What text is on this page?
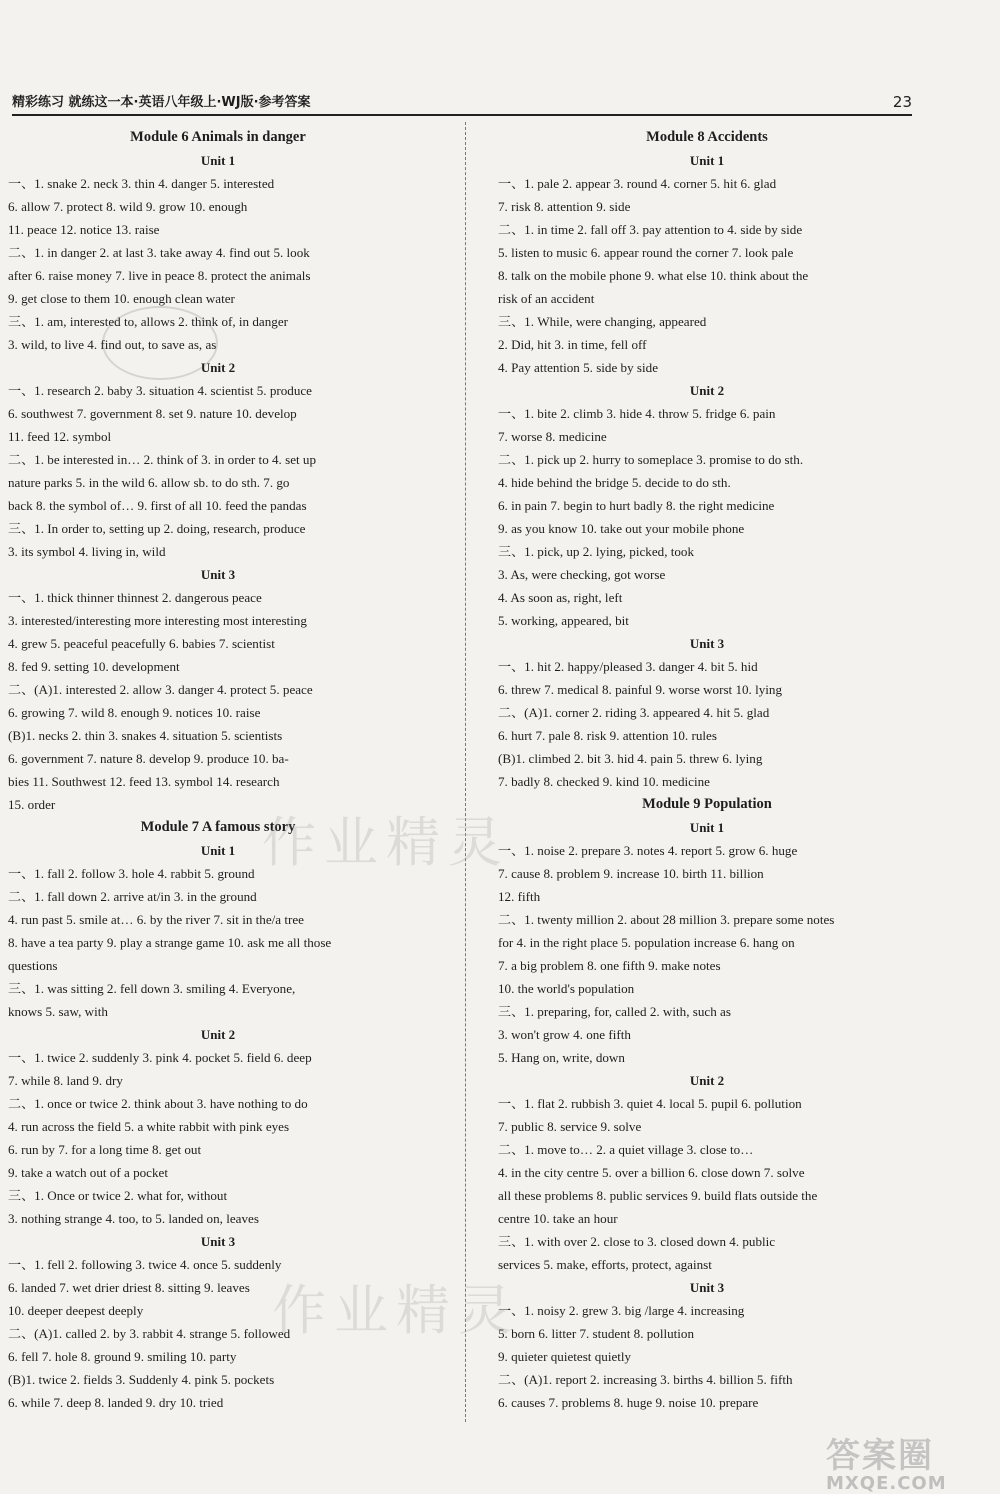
精彩练习 就练这一本·英语八年级上·WJ版·参考答案	23
Module 6 Animals in danger
Unit 1
一、1. snake 2. neck 3. thin 4. danger 5. interested
6. allow 7. protect 8. wild 9. grow 10. enough
11. peace 12. notice 13. raise
二、1. in danger 2. at last 3. take away 4. find out 5. look
after 6. raise money 7. live in peace 8. protect the animals
9. get close to them 10. enough clean water
三、1. am, interested to, allows 2. think of, in danger
3. wild, to live 4. find out, to save as, as
Unit 2
一、1. research 2. baby 3. situation 4. scientist 5. produce
6. southwest 7. government 8. set 9. nature 10. develop
11. feed 12. symbol
二、1. be interested in… 2. think of 3. in order to 4. set up
nature parks 5. in the wild 6. allow sb. to do sth. 7. go
back 8. the symbol of… 9. first of all 10. feed the pandas
三、1. In order to, setting up 2. doing, research, produce
3. its symbol 4. living in, wild
Unit 3
一、1. thick thinner thinnest 2. dangerous peace
3. interested/interesting more interesting most interesting
4. grew 5. peaceful peacefully 6. babies 7. scientist
8. fed 9. setting 10. development
二、(A)1. interested 2. allow 3. danger 4. protect 5. peace
6. growing 7. wild 8. enough 9. notices 10. raise
(B)1. necks 2. thin 3. snakes 4. situation 5. scientists
6. government 7. nature 8. develop 9. produce 10. ba-
bies 11. Southwest 12. feed 13. symbol 14. research
15. order
Module 7 A famous story
Unit 1
一、1. fall 2. follow 3. hole 4. rabbit 5. ground
二、1. fall down 2. arrive at/in 3. in the ground
4. run past 5. smile at… 6. by the river 7. sit in the/a tree
8. have a tea party 9. play a strange game 10. ask me all those
questions
三、1. was sitting 2. fell down 3. smiling 4. Everyone,
knows 5. saw, with
Unit 2
一、1. twice 2. suddenly 3. pink 4. pocket 5. field 6. deep
7. while 8. land 9. dry
二、1. once or twice 2. think about 3. have nothing to do
4. run across the field 5. a white rabbit with pink eyes
6. run by 7. for a long time 8. get out
9. take a watch out of a pocket
三、1. Once or twice 2. what for, without
3. nothing strange 4. too, to 5. landed on, leaves
Unit 3
一、1. fell 2. following 3. twice 4. once 5. suddenly
6. landed 7. wet drier driest 8. sitting 9. leaves
10. deeper deepest deeply
二、(A)1. called 2. by 3. rabbit 4. strange 5. followed
6. fell 7. hole 8. ground 9. smiling 10. party
(B)1. twice 2. fields 3. Suddenly 4. pink 5. pockets
6. while 7. deep 8. landed 9. dry 10. tried
Module 8 Accidents
Unit 1
一、1. pale 2. appear 3. round 4. corner 5. hit 6. glad
7. risk 8. attention 9. side
二、1. in time 2. fall off 3. pay attention to 4. side by side
5. listen to music 6. appear round the corner 7. look pale
8. talk on the mobile phone 9. what else 10. think about the
risk of an accident
三、1. While, were changing, appeared
2. Did, hit 3. in time, fell off
4. Pay attention 5. side by side
Unit 2
一、1. bite 2. climb 3. hide 4. throw 5. fridge 6. pain
7. worse 8. medicine
二、1. pick up 2. hurry to someplace 3. promise to do sth.
4. hide behind the bridge 5. decide to do sth.
6. in pain 7. begin to hurt badly 8. the right medicine
9. as you know 10. take out your mobile phone
三、1. pick, up 2. lying, picked, took
3. As, were checking, got worse
4. As soon as, right, left
5. working, appeared, bit
Unit 3
一、1. hit 2. happy/pleased 3. danger 4. bit 5. hid
6. threw 7. medical 8. painful 9. worse worst 10. lying
二、(A)1. corner 2. riding 3. appeared 4. hit 5. glad
6. hurt 7. pale 8. risk 9. attention 10. rules
(B)1. climbed 2. bit 3. hid 4. pain 5. threw 6. lying
7. badly 8. checked 9. kind 10. medicine
Module 9 Population
Unit 1
一、1. noise 2. prepare 3. notes 4. report 5. grow 6. huge
7. cause 8. problem 9. increase 10. birth 11. billion
12. fifth
二、1. twenty million 2. about 28 million 3. prepare some notes
for 4. in the right place 5. population increase 6. hang on
7. a big problem 8. one fifth 9. make notes
10. the world's population
三、1. preparing, for, called 2. with, such as
3. won't grow 4. one fifth
5. Hang on, write, down
Unit 2
一、1. flat 2. rubbish 3. quiet 4. local 5. pupil 6. pollution
7. public 8. service 9. solve
二、1. move to… 2. a quiet village 3. close to…
4. in the city centre 5. over a billion 6. close down 7. solve
all these problems 8. public services 9. build flats outside the
centre 10. take an hour
三、1. with over 2. close to 3. closed down 4. public
services 5. make, efforts, protect, against
Unit 3
一、1. noisy 2. grew 3. big /large 4. increasing
5. born 6. litter 7. student 8. pollution
9. quieter quietest quietly
二、(A)1. report 2. increasing 3. births 4. billion 5. fifth
6. causes 7. problems 8. huge 9. noise 10. prepare
作业精灵
作业精灵
答案圈
MXQE.COM
